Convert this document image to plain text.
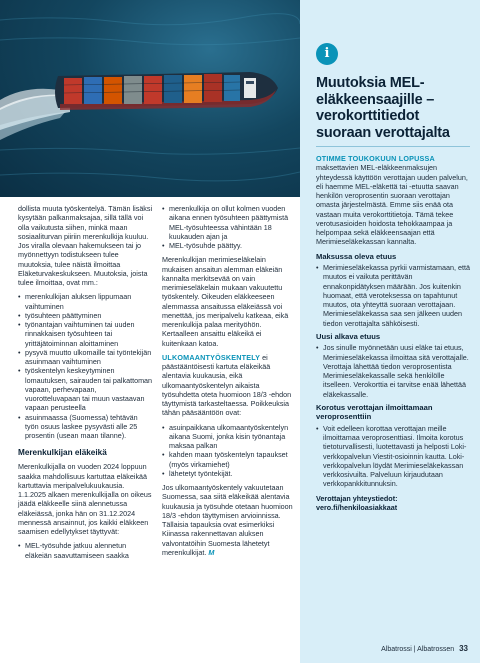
i
Muutoksia MEL-eläkkeensaajille – verokorttitiedot suoraan verottajalta

OTIMME TOUKOKUUN LOPUSSA maksettavien MEL-eläkkeenmaksujen yhteydessä käyttöön verottajan uuden palvelun, eli haemme MEL-eläkettä tai -etuutta saavan henkilön veroprosentin suoraan verottajan omasta järjestelmästä. Emme siis enää ota vastaan muita verokorttitietoja. Tämä tekee verotusasioiden hoidosta tehokkaampaa ja helpompaa sekä eläkkeensaajan että Merimieseläkekassan kannalta.

Maksussa oleva etuus
• Merimieseläkekassa pyrkii varmistamaan, että muutos ei vaikuta perittävän ennakonpidätyksen määrään. Jos kuitenkin huomaat, että veroteksessa on tapahtunut muutos, ota yhteyttä suoraan verottajaan. Merimieseläkekassa saa sen jälkeen uuden tiedon verottajalta sähköisesti.
Uusi alkava etuus
• Jos sinulle myönnetään uusi eläke tai etuus, Merimieseläkekassa ilmoittaa sitä verottajalle. Verottaja lähettää tiedon veroprosentista Merimieseläkekassalle sekä henkilölle itselleen. Verokorttia ei tarvitse enää lähettää eläkekassalle.
Korotus verottajan ilmoittamaan veroprosenttiin
• Voit edelleen korottaa verottajan meille ilmoittamaa veroprosenttiasi. Ilmoita korotus tietoturvallisesti, luotettavasti ja helposti Loki-verkkopalvelun Viestit-osioinnin kautta. Loki-verkkopalvelun löydät Merimieseläkekassan verkkosivuilta. Palveluun kirjaudutaan verkkopankkitunnuksin.

Verottajan yhteystiedot:
vero.fi/henkiloasiakkaat

dollista muuta työskentelyä. Tämän lisäksi kysytään palkanmaksajaa, sillä tällä voi olla vaikutusta siihen, minkä maan sosiaaliturvan piiriin merenkulkija kuuluu. Jos viralla olevaan hakemukseen tai jo myönnettyyn todistukseen tulee muutoksia, tulee näistä ilmoittaa Eläketurvakeskukseen. Muutoksia, joista tulee ilmoittaa, ovat mm.:

• merenkulkijan aluksen lippumaan vaihtuminen
• työsuhteen päättyminen
• työnantajan vaihtuminen tai uuden rinnakkaisen työsuhteen tai yrittäjätoiminnan aloittaminen
• pysyvä muutto ulkomaille tai työntekijän asuinmaan vaihtuminen
• työskentelyn keskeytyminen lomautuksen, sairauden tai palkattoman vapaan, perhevapaan, vuorotteluvapaan tai muun vastaavan vapaan perusteella
• asuinmaassa (Suomessa) tehtävän työn osuus laskee pysyvästi alle 25 prosentin (usean maan tilanne).
Merenkulkijan eläkeikä

Merenkulkijalla on vuoden 2024 loppuun saakka mahdollisuus kartuttaa eläkeikää kartuttavia meripalvelukuukausia. 1.1.2025 alkaen merenkulkijalla on oikeus jäädä eläkkeelle siinä alennetussa eläkeiässä, jonka hän on 31.12.2024 mennessä ansainnut, jos kaikki eläkkeen saamisen edellytykset täyttyvät:

• MEL-työsuhde jatkuu alennetun eläkeiän saavuttamiseen saakka
• merenkulkija on ollut kolmen vuoden aikana ennen työsuhteen päättymistä MEL-työsuhteessa vähintään 18 kuukauden ajan ja
• MEL-työsuhde päättyy.

Merenkulkijan merimieseläkelain mukaisen ansaitun alemman eläkeiän kannalta merkitsevää on vain merimieseläkelain mukaan vakuutettu työskentely. Oikeuden eläkkeeseen alemmassa ansaitussa eläkeiässä voi menettää, jos meripalvelu katkeaa, eikä merenkulkija palaa merityöhön. Kertaalleen ansaittu eläkeikä ei kuitenkaan katoa.

ULKOMAANTYÖSKENTELY ei päästääntöisesti kartuta eläkeikää alentavia kuukausia, eikä ulkomaantyöskentelyn aikaista työsuhdetta oteta huomioon 18/3 -ehdon täyttymistä tarkasteltaessa. Poikkeuksia tähän pääsääntöön ovat:

• asuinpaikkana ulkomaantyöskentelyn aikana Suomi, jonka kisin työnantaja maksaa palkan
• kahden maan työskentelyn tapaukset (myös virkamiehet)
• lähetetyt työntekijät.

Jos ulkomaantyöskentely vakuutetaan Suomessa, saa siitä eläkeikää alentavia kuukausia ja työsuhde otetaan huomioon 18/3 -ehdon täyttymisen arvioinnissa. Tällaisia tapauksia ovat esimerkiksi Kiinassa rakennettavan aluksen valvontatöihin Suomesta lähetetyt merenkulkijat. M

Albatrossi | Albatrossen 33
